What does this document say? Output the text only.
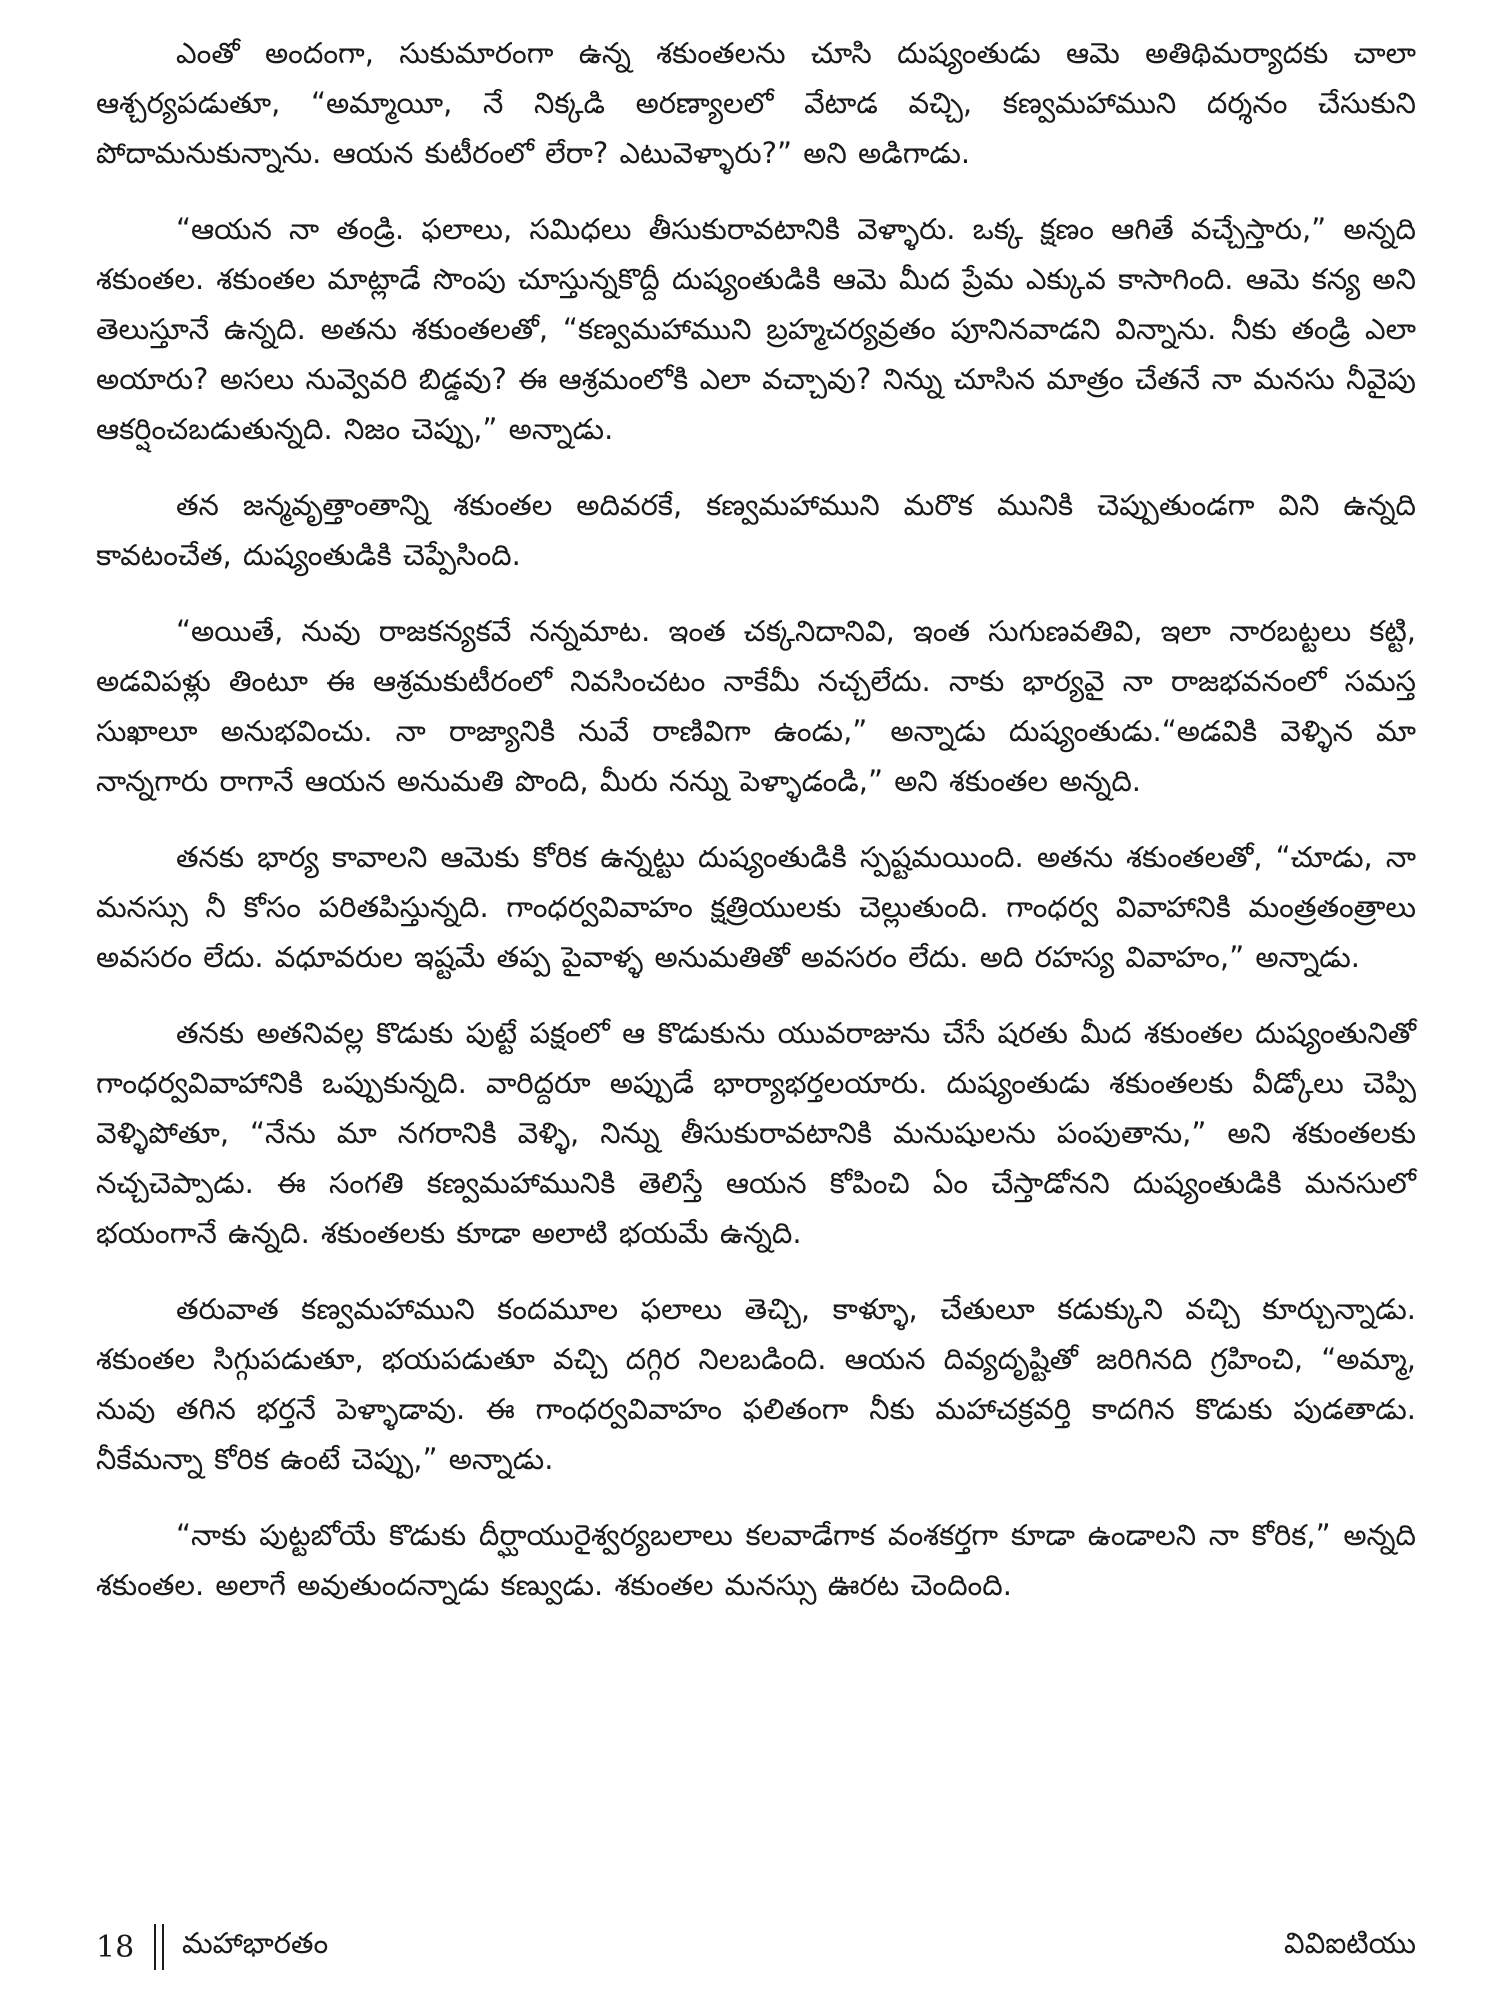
ఎంతో అందంగా, సుకుమారంగా ఉన్న శకుంతలను చూసి దుష్యంతుడు ఆమె అతిథిమర్యాదకు చాలా ఆశ్చర్యపడుతూ, “అమ్మాయీ, నే నిక్కడి అరణ్యాలలో వేటాడ వచ్చి, కణ్వమహాముని దర్శనం చేసుకుని పోదామనుకున్నాను. ఆయన కుటీరంలో లేరా? ఎటువెళ్ళారు?” అని అడిగాడు.

“ఆయన నా తండ్రి. ఫలాలు, సమిధలు తీసుకురావటానికి వెళ్ళారు. ఒక్క క్షణం ఆగితే వచ్చేస్తారు,” అన్నది శకుంతల. శకుంతల మాట్లాడే సొంపు చూస్తున్నకొద్దీ దుష్యంతుడికి ఆమె మీద ప్రేమ ఎక్కువ కాసాగింది. ఆమె కన్య అని తెలుస్తూనే ఉన్నది. అతను శకుంతలతో, “కణ్వమహాముని బ్రహ్మచర్యవ్రతం పూనినవాడని విన్నాను. నీకు తండ్రి ఎలా అయారు? అసలు నువ్వెవరి బిడ్డవు? ఈ ఆశ్రమంలోకి ఎలా వచ్చావు? నిన్ను చూసిన మాత్రం చేతనే నా మనసు నీవైపు ఆకర్షించబడుతున్నది. నిజం చెప్పు,” అన్నాడు.

తన జన్మవృత్తాంతాన్ని శకుంతల అదివరకే, కణ్వమహాముని మరొక మునికి చెప్పుతుండగా విని ఉన్నది కావటంచేత, దుష్యంతుడికి చెప్పేసింది.

“అయితే, నువు రాజకన్యకవే నన్నమాట. ఇంత చక్కనిదానివి, ఇంత సుగుణవతివి, ఇలా నారబట్టలు కట్టి, అడవిపళ్లు తింటూ ఈ ఆశ్రమకుటీరంలో నివసించటం నాకేమీ నచ్చలేదు. నాకు భార్యవై నా రాజభవనంలో సమస్త సుఖాలూ అనుభవించు. నా రాజ్యానికి నువే రాణివిగా ఉండు,” అన్నాడు దుష్యంతుడు.“అడవికి వెళ్ళిన మా నాన్నగారు రాగానే ఆయన అనుమతి పొంది, మీరు నన్ను పెళ్ళాడండి,” అని శకుంతల అన్నది.

తనకు భార్య కావాలని ఆమెకు కోరిక ఉన్నట్టు దుష్యంతుడికి స్పష్టమయింది. అతను శకుంతలతో, “చూడు, నా మనస్సు నీ కోసం పరితపిస్తున్నది. గాంధర్వవివాహం క్షత్రియులకు చెల్లుతుంది. గాంధర్వ వివాహానికి మంత్రతంత్రాలు అవసరం లేదు. వధూవరుల ఇష్టమే తప్ప పైవాళ్ళ అనుమతితో అవసరం లేదు. అది రహస్య వివాహం,” అన్నాడు.

తనకు అతనివల్ల కొడుకు పుట్టే పక్షంలో ఆ కొడుకును యువరాజును చేసే షరతు మీద శకుంతల దుష్యంతునితో గాంధర్వవివాహానికి ఒప్పుకున్నది. వారిద్దరూ అప్పుడే భార్యాభర్తలయారు. దుష్యంతుడు శకుంతలకు వీడ్కోలు చెప్పి వెళ్ళిపోతూ, “నేను మా నగరానికి వెళ్ళి, నిన్ను తీసుకురావటానికి మనుషులను పంపుతాను,” అని శకుంతలకు నచ్చచెప్పాడు. ఈ సంగతి కణ్వమహామునికి తెలిస్తే ఆయన కోపించి ఏం చేస్తాడోనని దుష్యంతుడికి మనసులో భయంగానే ఉన్నది. శకుంతలకు కూడా అలాటి భయమే ఉన్నది.

తరువాత కణ్వమహాముని కందమూల ఫలాలు తెచ్చి, కాళ్ళూ, చేతులూ కడుక్కుని వచ్చి కూర్చున్నాడు. శకుంతల సిగ్గుపడుతూ, భయపడుతూ వచ్చి దగ్గిర నిలబడింది. ఆయన దివ్యదృష్టితో జరిగినది గ్రహించి, “అమ్మా, నువు తగిన భర్తనే పెళ్ళాడావు. ఈ గాంధర్వవివాహం ఫలితంగా నీకు మహాచక్రవర్తి కాదగిన కొడుకు పుడతాడు. నీకేమన్నా కోరిక ఉంటే చెప్పు,” అన్నాడు.

“నాకు పుట్టబోయే కొడుకు దీర్ఘాయురైశ్వర్యబలాలు కలవాడేగాక వంశకర్తగా కూడా ఉండాలని నా కోరిక,” అన్నది శకుంతల. అలాగే అవుతుందన్నాడు కణ్వుడు. శకుంతల మనస్సు ఊరట చెందింది.

18	మహాభారతం	వివిఐటియు
